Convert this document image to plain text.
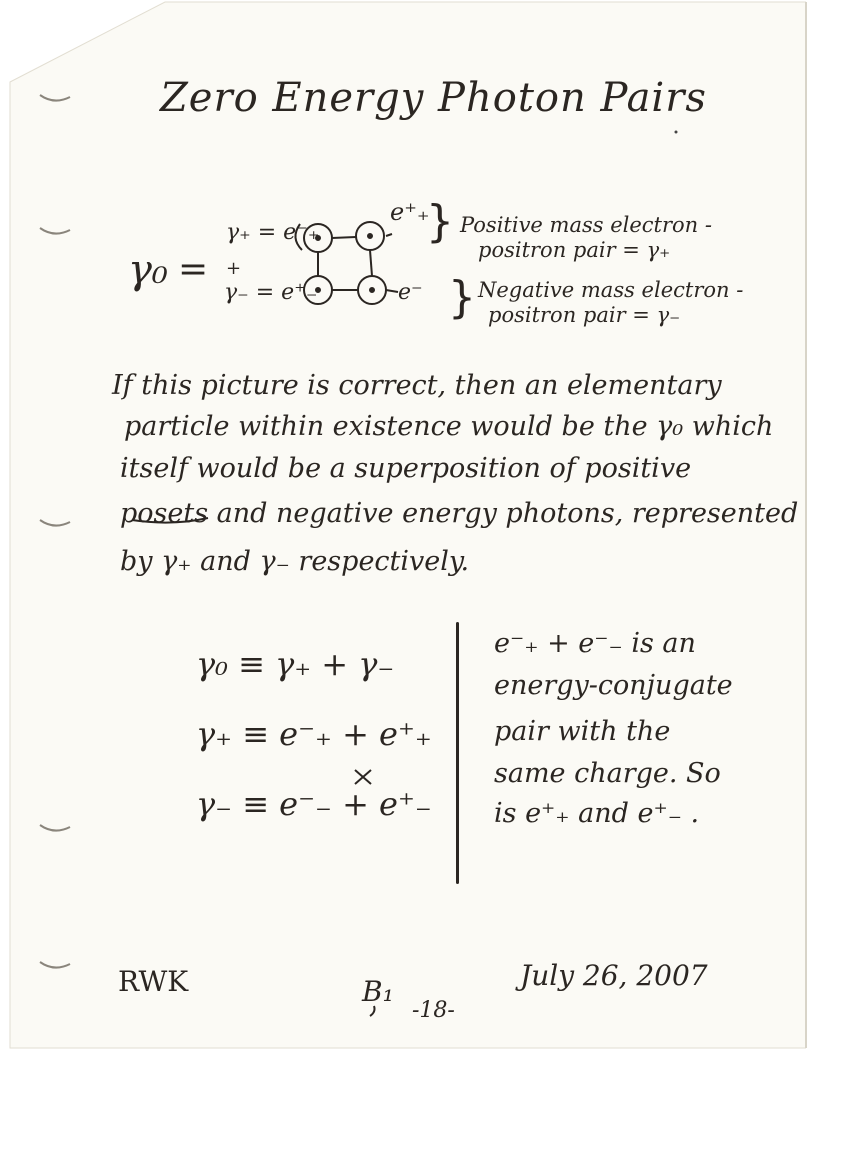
Zero Energy Photon Pairs
γ₀ =
γ₊ = e⁻₊
+
γ₋ = e⁺₋
e⁺₊
e⁻
}
}
Positive mass electron -
positron pair = γ₊
Negative mass electron -
positron pair = γ₋
If this picture is correct, then an elementary
particle within existence would be the γ₀ which
itself would be a superposition of positive
posets and negative energy photons, represented
by γ₊ and γ₋ respectively.
γ₀ ≡ γ₊ + γ₋
γ₊ ≡ e⁻₊ + e⁺₊
γ₋ ≡ e⁻₋ + e⁺₋
e⁻₊ + e⁻₋ is an
energy-conjugate
pair with the
same charge. So
is e⁺₊ and e⁺₋ .
RWK	B₁
-18-
July 26, 2007
